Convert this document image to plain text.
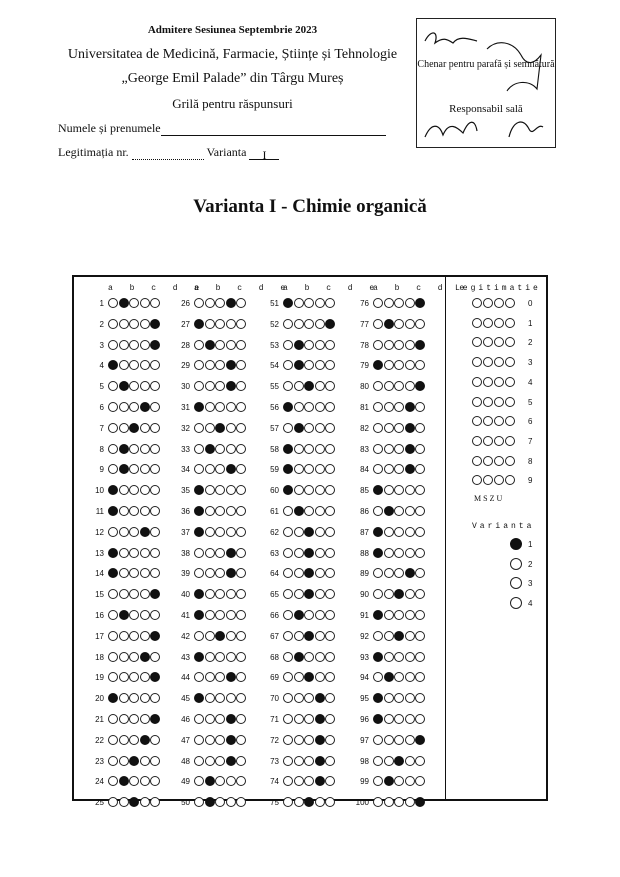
Admitere Sesiunea Septembrie 2023
Universitatea de Medicină, Farmacie, Științe și Tehnologie
„George Emil Palade” din Târgu Mureș
Grilă pentru răspunsuri
Numele și prenumele
Legitimația nr.	Varianta I
Chenar pentru parafă și semnătură
Responsabil sală
Varianta I - Chimie organică
a b c d e
1
2
3
4
5
6
7
8
9
10
11
12
13
14
15
16
17
18
19
20
21
22
23
24
25
a b c d e
26
27
28
29
30
31
32
33
34
35
36
37
38
39
40
41
42
43
44
45
46
47
48
49
50
a b c d e
51
52
53
54
55
56
57
58
59
60
61
62
63
64
65
66
67
68
69
70
71
72
73
74
75
a b c d e
76
77
78
79
80
81
82
83
84
85
86
87
88
89
90
91
92
93
94
95
96
97
98
99
100
Legitimatie
0
1
2
3
4
5
6
7
8
9
M S Z U
Varianta
1
2
3
4
